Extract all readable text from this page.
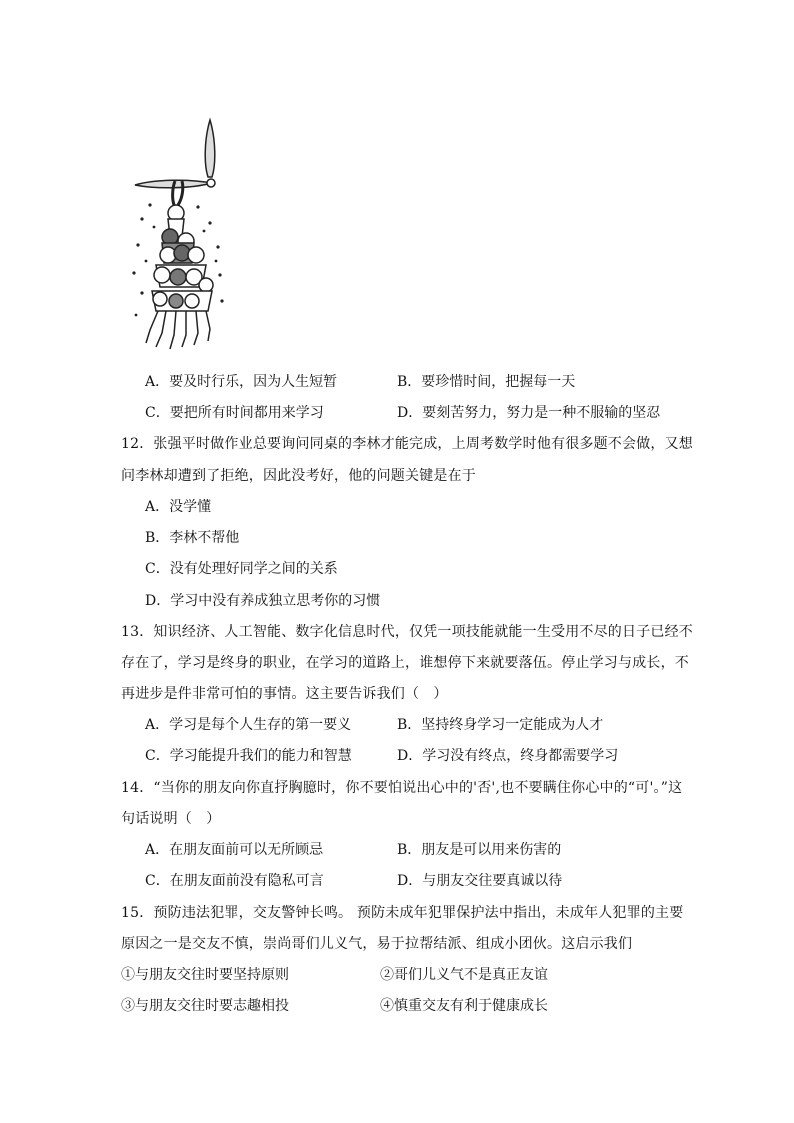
A．要及时行乐，因为人生短暂	B．要珍惜时间，把握每一天
C．要把所有时间都用来学习	D．要刻苦努力，努力是一种不服输的坚忍
12．张强平时做作业总要询问同桌的李林才能完成，上周考数学时他有很多题不会做，又想
问李林却遭到了拒绝，因此没考好，他的问题关键是在于
A．没学懂
B．李林不帮他
C．没有处理好同学之间的关系
D．学习中没有养成独立思考你的习惯
13．知识经济、人工智能、数字化信息时代，仅凭一项技能就能一生受用不尽的日子已经不
存在了，学习是终身的职业，在学习的道路上，谁想停下来就要落伍。停止学习与成长，不
再进步是件非常可怕的事情。这主要告诉我们（　）
A．学习是每个人生存的第一要义	B．坚持终身学习一定能成为人才
C．学习能提升我们的能力和智慧	D．学习没有终点，终身都需要学习
14．“当你的朋友向你直抒胸臆时，你不要怕说出心中的'否',也不要瞒住你心中的“可'。”这
句话说明（　）
A．在朋友面前可以无所顾忌	B．朋友是可以用来伤害的
C．在朋友面前没有隐私可言	D．与朋友交往要真诚以待
15．预防违法犯罪，交友警钟长鸣。 预防未成年犯罪保护法中指出，未成年人犯罪的主要
原因之一是交友不慎，崇尚哥们儿义气，易于拉帮结派、组成小团伙。这启示我们
①与朋友交往时要坚持原则	②哥们儿义气不是真正友谊
③与朋友交往时要志趣相投	④慎重交友有利于健康成长
